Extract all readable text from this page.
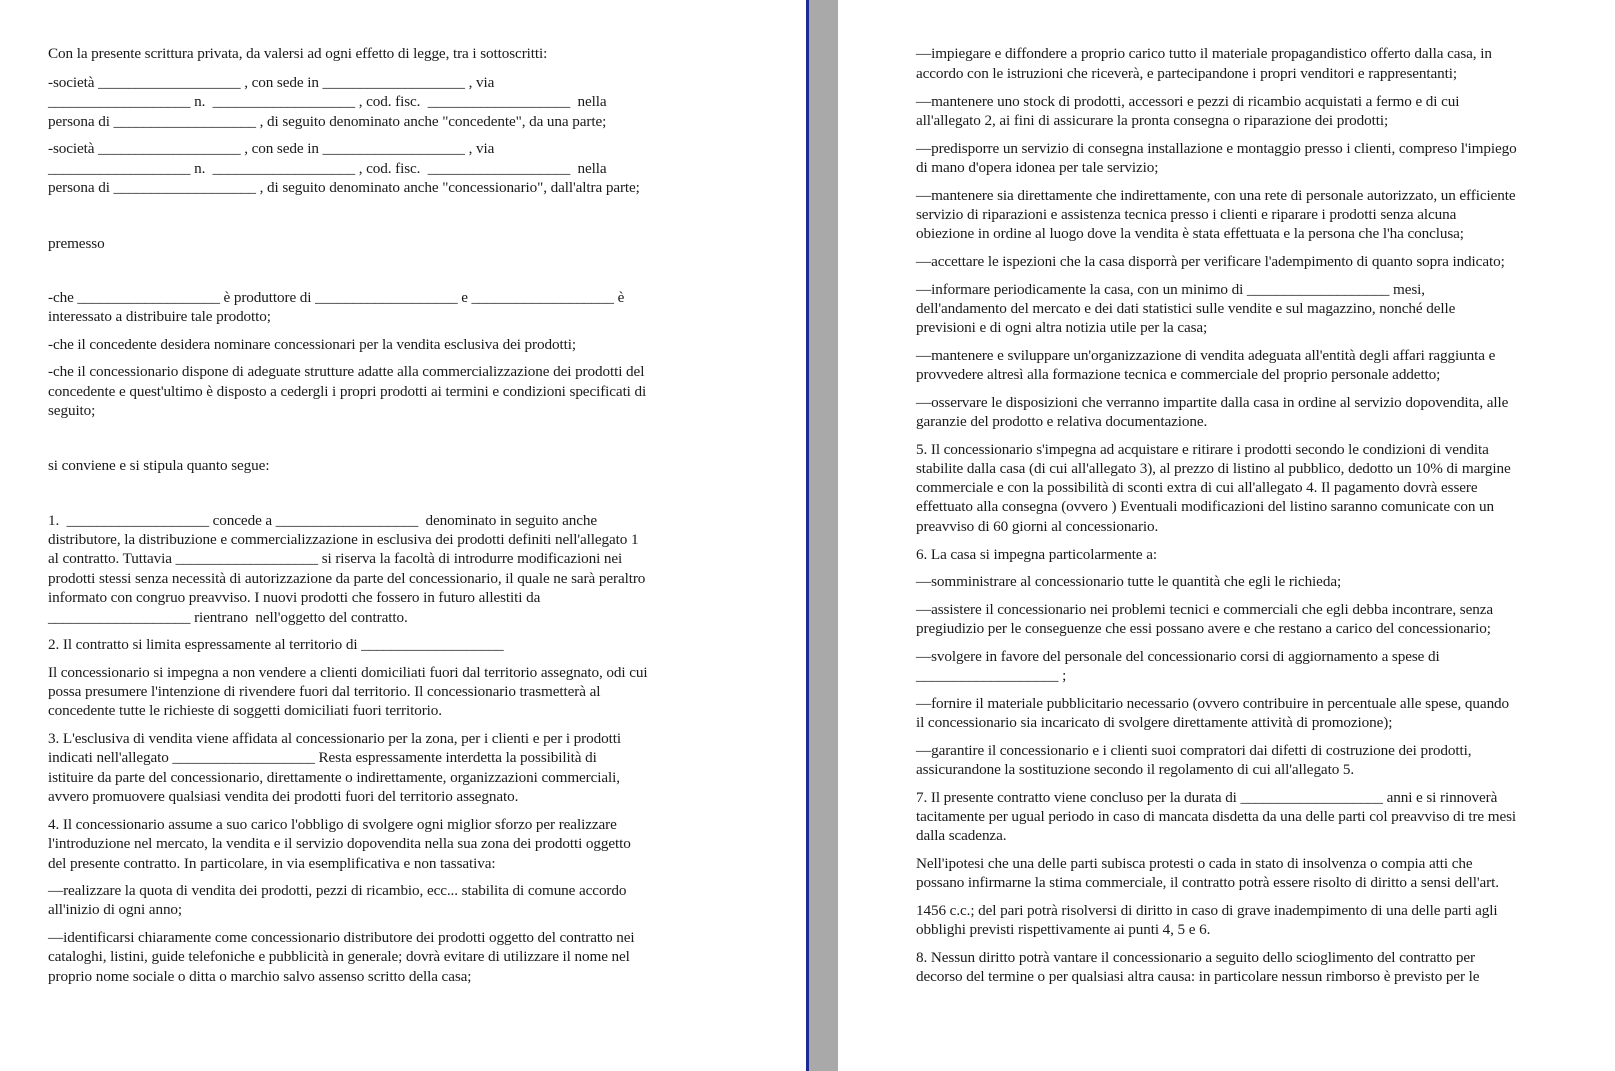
Con la presente scrittura privata, da valersi ad ogni effetto di legge, tra i sottoscritti:
-società ___________________ , con sede in ___________________ , via
___________________ n.  ___________________ , cod. fisc.  ___________________  nella
persona di ___________________ , di seguito denominato anche "concedente", da una parte;
-società ___________________ , con sede in ___________________ , via
___________________ n.  ___________________ , cod. fisc.  ___________________  nella
persona di ___________________ , di seguito denominato anche "concessionario", dall'altra parte;
premesso
-che ___________________ è produttore di ___________________ e ___________________ è
interessato a distribuire tale prodotto;
-che il concedente desidera nominare concessionari per la vendita esclusiva dei prodotti;
-che il concessionario dispone di adeguate strutture adatte alla commercializzazione dei prodotti del
concedente e quest'ultimo è disposto a cedergli i propri prodotti ai termini e condizioni specificati di
seguito;
si conviene e si stipula quanto segue:
1.  ___________________ concede a ___________________  denominato in seguito anche
distributore, la distribuzione e commercializzazione in esclusiva dei prodotti definiti nell'allegato 1
al contratto. Tuttavia ___________________ si riserva la facoltà di introdurre modificazioni nei
prodotti stessi senza necessità di autorizzazione da parte del concessionario, il quale ne sarà peraltro
informato con congruo preavviso. I nuovi prodotti che fossero in futuro allestiti da
___________________ rientrano  nell'oggetto del contratto.
2. Il contratto si limita espressamente al territorio di ___________________
Il concessionario si impegna a non vendere a clienti domiciliati fuori dal territorio assegnato, odi cui
possa presumere l'intenzione di rivendere fuori dal territorio. Il concessionario trasmetterà al
concedente tutte le richieste di soggetti domiciliati fuori territorio.
3. L'esclusiva di vendita viene affidata al concessionario per la zona, per i clienti e per i prodotti
indicati nell'allegato ___________________ Resta espressamente interdetta la possibilità di
istituire da parte del concessionario, direttamente o indirettamente, organizzazioni commerciali,
avvero promuovere qualsiasi vendita dei prodotti fuori del territorio assegnato.
4. Il concessionario assume a suo carico l'obbligo di svolgere ogni miglior sforzo per realizzare
l'introduzione nel mercato, la vendita e il servizio dopovendita nella sua zona dei prodotti oggetto
del presente contratto. In particolare, in via esemplificativa e non tassativa:
—realizzare la quota di vendita dei prodotti, pezzi di ricambio, ecc... stabilita di comune accordo
all'inizio di ogni anno;
—identificarsi chiaramente come concessionario distributore dei prodotti oggetto del contratto nei
cataloghi, listini, guide telefoniche e pubblicità in generale; dovrà evitare di utilizzare il nome nel
proprio nome sociale o ditta o marchio salvo assenso scritto della casa;
—impiegare e diffondere a proprio carico tutto il materiale propagandistico offerto dalla casa, in
accordo con le istruzioni che riceverà, e partecipandone i propri venditori e rappresentanti;
—mantenere uno stock di prodotti, accessori e pezzi di ricambio acquistati a fermo e di cui
all'allegato 2, ai fini di assicurare la pronta consegna o riparazione dei prodotti;
—predisporre un servizio di consegna installazione e montaggio presso i clienti, compreso l'impiego
di mano d'opera idonea per tale servizio;
—mantenere sia direttamente che indirettamente, con una rete di personale autorizzato, un efficiente
servizio di riparazioni e assistenza tecnica presso i clienti e riparare i prodotti senza alcuna
obiezione in ordine al luogo dove la vendita è stata effettuata e la persona che l'ha conclusa;
—accettare le ispezioni che la casa disporrà per verificare l'adempimento di quanto sopra indicato;
—informare periodicamente la casa, con un minimo di ___________________ mesi,
dell'andamento del mercato e dei dati statistici sulle vendite e sul magazzino, nonché delle
previsioni e di ogni altra notizia utile per la casa;
—mantenere e sviluppare un'organizzazione di vendita adeguata all'entità degli affari raggiunta e
provvedere altresì alla formazione tecnica e commerciale del proprio personale addetto;
—osservare le disposizioni che verranno impartite dalla casa in ordine al servizio dopovendita, alle
garanzie del prodotto e relativa documentazione.
5. Il concessionario s'impegna ad acquistare e ritirare i prodotti secondo le condizioni di vendita
stabilite dalla casa (di cui all'allegato 3), al prezzo di listino al pubblico, dedotto un 10% di margine
commerciale e con la possibilità di sconti extra di cui all'allegato 4. Il pagamento dovrà essere
effettuato alla consegna (ovvero ) Eventuali modificazioni del listino saranno comunicate con un
preavviso di 60 giorni al concessionario.
6. La casa si impegna particolarmente a:
—somministrare al concessionario tutte le quantità che egli le richieda;
—assistere il concessionario nei problemi tecnici e commerciali che egli debba incontrare, senza
pregiudizio per le conseguenze che essi possano avere e che restano a carico del concessionario;
—svolgere in favore del personale del concessionario corsi di aggiornamento a spese di
___________________ ;
—fornire il materiale pubblicitario necessario (ovvero contribuire in percentuale alle spese, quando
il concessionario sia incaricato di svolgere direttamente attività di promozione);
—garantire il concessionario e i clienti suoi compratori dai difetti di costruzione dei prodotti,
assicurandone la sostituzione secondo il regolamento di cui all'allegato 5.
7. Il presente contratto viene concluso per la durata di ___________________ anni e si rinnoverà
tacitamente per ugual periodo in caso di mancata disdetta da una delle parti col preavviso di tre mesi
dalla scadenza.
Nell'ipotesi che una delle parti subisca protesti o cada in stato di insolvenza o compia atti che
possano infirmarne la stima commerciale, il contratto potrà essere risolto di diritto a sensi dell'art.
1456 c.c.; del pari potrà risolversi di diritto in caso di grave inadempimento di una delle parti agli
obblighi previsti rispettivamente ai punti 4, 5 e 6.
8. Nessun diritto potrà vantare il concessionario a seguito dello scioglimento del contratto per
decorso del termine o per qualsiasi altra causa: in particolare nessun rimborso è previsto per le
